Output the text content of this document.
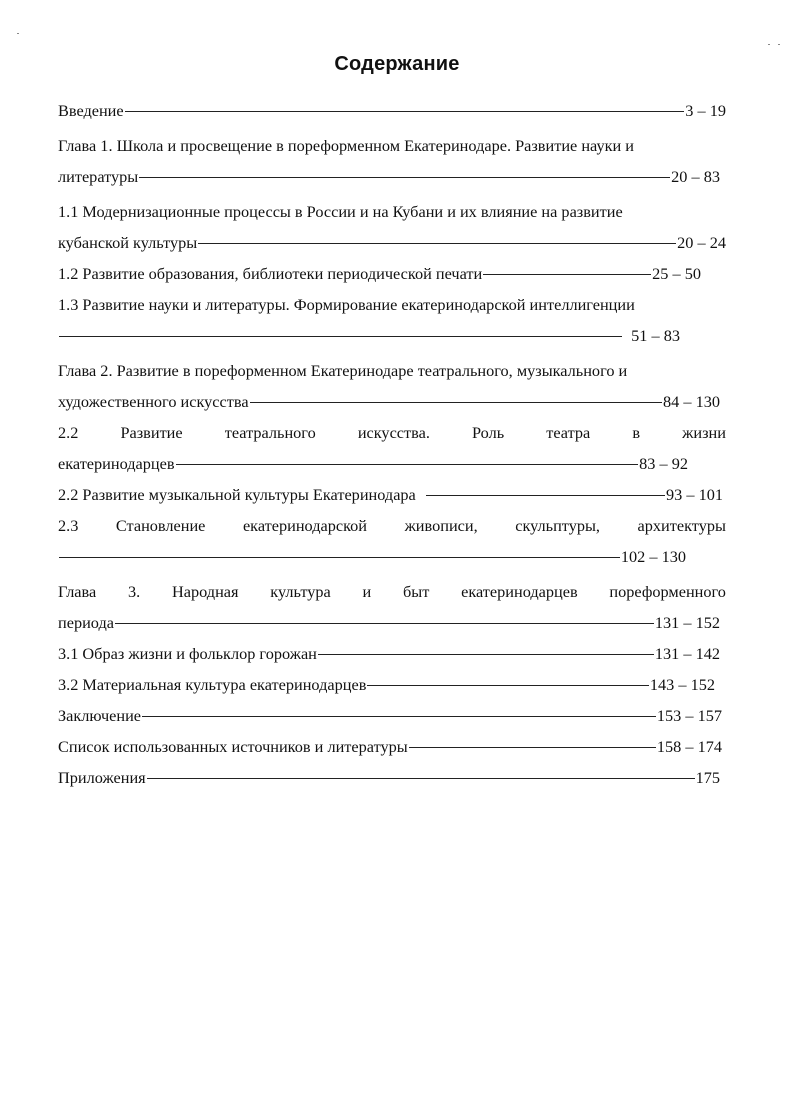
Содержание
Введение	3 – 19
Глава 1. Школа и просвещение в пореформенном Екатеринодаре. Развитие науки и
литературы	20 – 83
1.1 Модернизационные процессы в России и на Кубани и их влияние на развитие
кубанской культуры	20 – 24
1.2 Развитие образования, библиотеки периодической печати	25 – 50
1.3 Развитие науки и литературы. Формирование екатеринодарской интеллигенции
51 – 83
Глава 2. Развитие в пореформенном Екатеринодаре театрального, музыкального и
художественного искусства	84 – 130
2.2	Развитие	театрального	искусства.	Роль	театра	в	жизни
екатеринодарцев	83 – 92
2.2 Развитие музыкальной культуры Екатеринодара	93 – 101
2.3 Становление екатеринодарской живописи, скульптуры, архитектуры
102 – 130
Глава 3. Народная культура и быт екатеринодарцев пореформенного
периода	131 – 152
3.1 Образ жизни и фольклор горожан	131 – 142
3.2 Материальная культура екатеринодарцев	143 – 152
Заключение	153 – 157
Список использованных источников и литературы	158 – 174
Приложения	175
